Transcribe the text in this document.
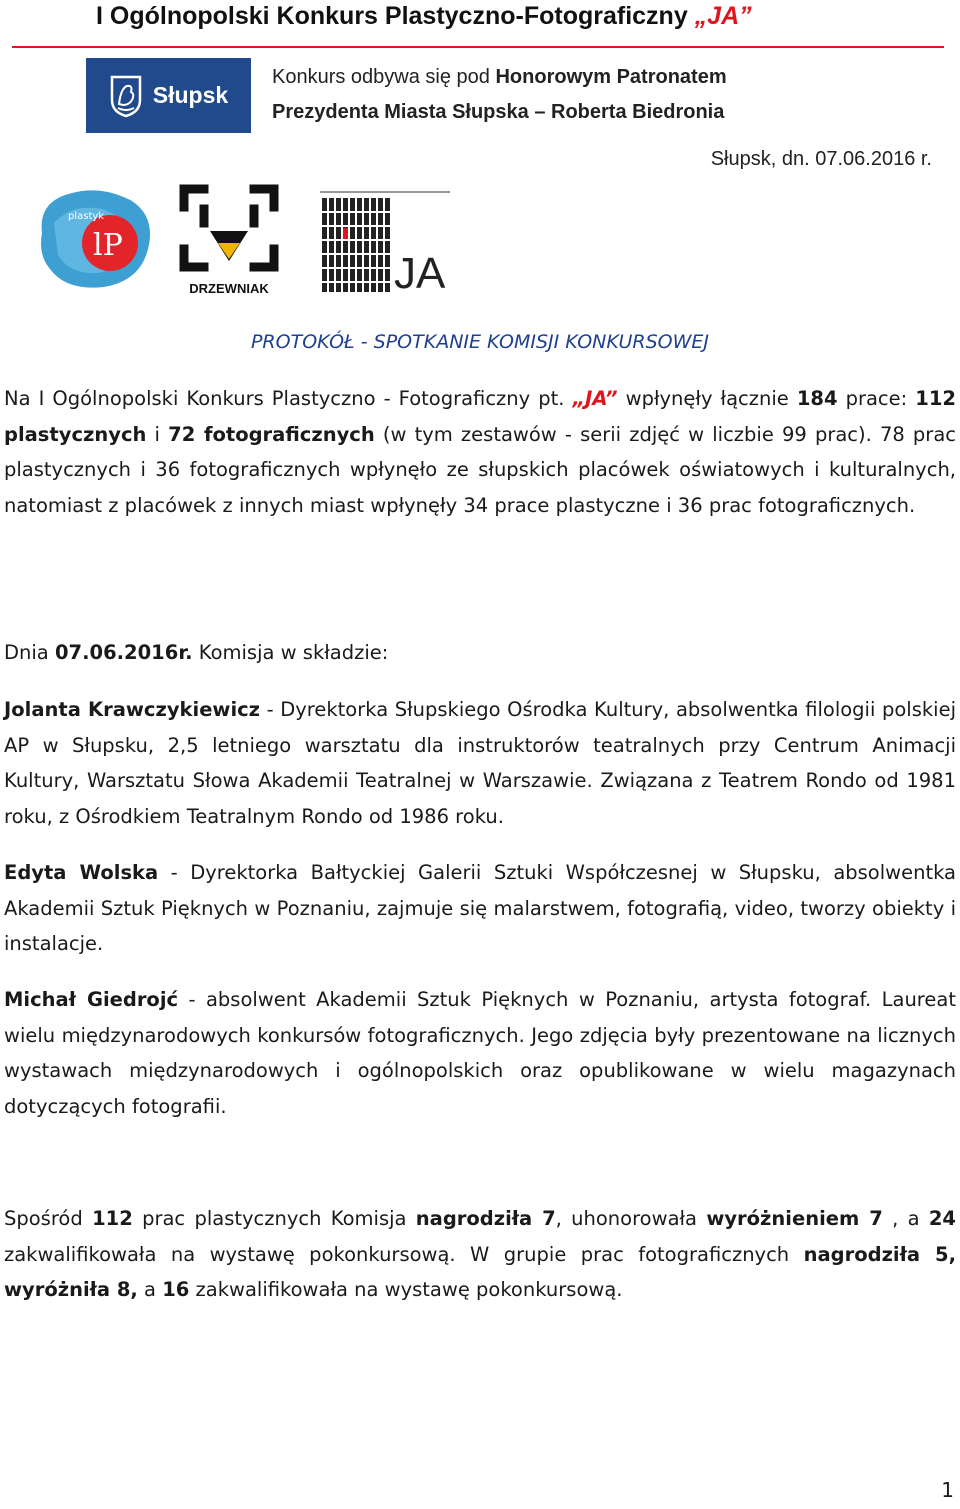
I Ogólnopolski Konkurs Plastyczno-Fotograficzny „JA”
Słupsk
Konkurs odbywa się pod Honorowym Patronatem
Prezydenta Miasta Słupska – Roberta Biedronia
Słupsk, dn. 07.06.2016 r.
lP
plastyk
DRZEWNIAK	JA
PROTOKÓŁ - SPOTKANIE KOMISJI KONKURSOWEJ
Na I Ogólnopolski Konkurs Plastyczno - Fotograficzny pt. „JA” wpłynęły łącznie 184 prace: 112 plastycznych i 72 fotograficznych (w tym zestawów - serii zdjęć w liczbie 99 prac). 78 prac plastycznych i 36 fotograficznych wpłynęło ze słupskich placówek oświatowych i kulturalnych, natomiast z placówek z innych miast wpłynęły 34 prace plastyczne i 36 prac fotograficznych.
Dnia 07.06.2016r. Komisja w składzie:
Jolanta Krawczykiewicz - Dyrektorka Słupskiego Ośrodka Kultury, absolwentka filologii polskiej AP w Słupsku, 2,5 letniego warsztatu dla instruktorów teatralnych przy Centrum Animacji Kultury, Warsztatu Słowa Akademii Teatralnej w Warszawie. Związana z Teatrem Rondo od 1981 roku, z Ośrodkiem Teatralnym Rondo od 1986 roku.
Edyta Wolska - Dyrektorka Bałtyckiej Galerii Sztuki Współczesnej w Słupsku, absolwentka Akademii Sztuk Pięknych w Poznaniu, zajmuje się malarstwem, fotografią, video, tworzy obiekty i instalacje.
Michał Giedrojć - absolwent Akademii Sztuk Pięknych w Poznaniu, artysta fotograf. Laureat wielu międzynarodowych konkursów fotograficznych. Jego zdjęcia były prezentowane na licznych wystawach międzynarodowych i ogólnopolskich oraz opublikowane w wielu magazynach dotyczących fotografii.
Spośród 112 prac plastycznych Komisja nagrodziła 7, uhonorowała wyróżnieniem 7 , a 24 zakwalifikowała na wystawę pokonkursową. W grupie prac fotograficznych nagrodziła 5, wyróżniła 8, a 16 zakwalifikowała na wystawę pokonkursową.
1
